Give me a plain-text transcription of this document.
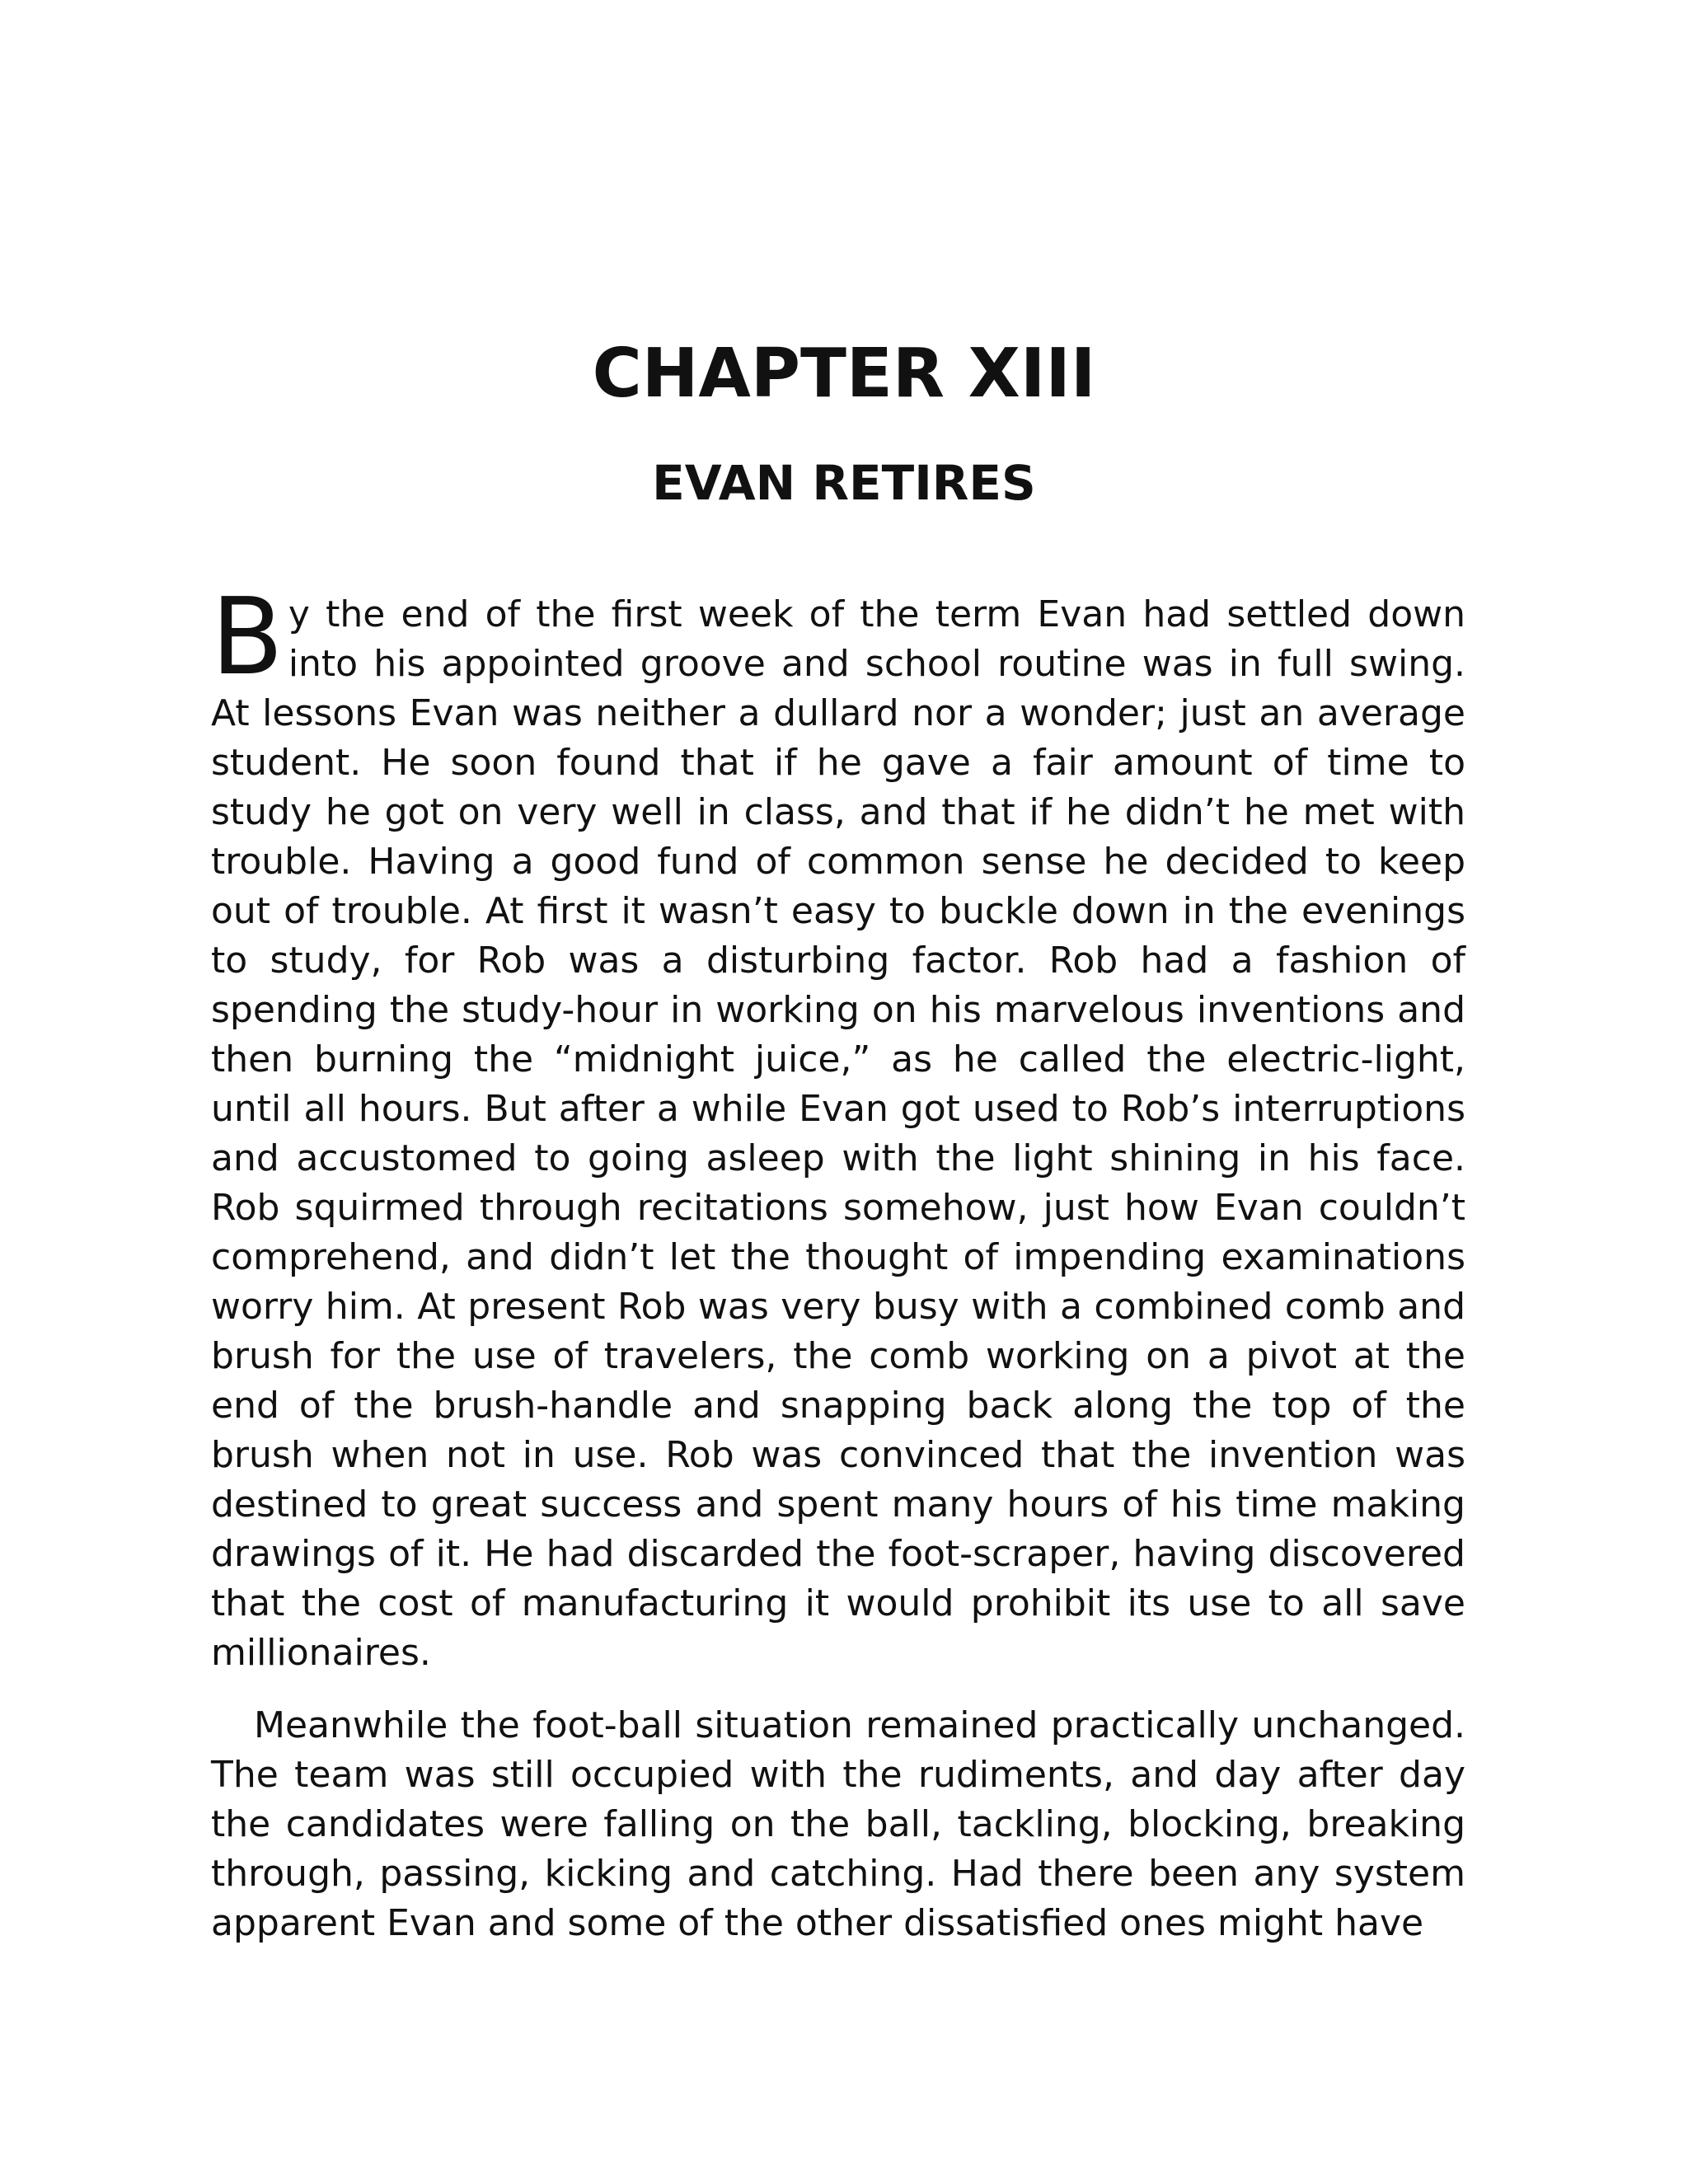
CHAPTER XIII
EVAN RETIRES

By the end of the first week of the term Evan had settled down into his appointed groove and school routine was in full swing. At lessons Evan was neither a dullard nor a wonder; just an average student. He soon found that if he gave a fair amount of time to study he got on very well in class, and that if he didn’t he met with trouble. Having a good fund of common sense he decided to keep out of trouble. At first it wasn’t easy to buckle down in the evenings to study, for Rob was a disturbing factor. Rob had a fashion of spending the study-hour in working on his marvelous inventions and then burning the “midnight juice,” as he called the electric-light, until all hours. But after a while Evan got used to Rob’s interruptions and accustomed to going asleep with the light shining in his face. Rob squirmed through recitations somehow, just how Evan couldn’t comprehend, and didn’t let the thought of impending examinations worry him. At present Rob was very busy with a combined comb and brush for the use of travelers, the comb working on a pivot at the end of the brush-handle and snapping back along the top of the brush when not in use. Rob was convinced that the invention was destined to great success and spent many hours of his time making drawings of it. He had discarded the foot-scraper, having discovered that the cost of manufacturing it would prohibit its use to all save millionaires.

Meanwhile the foot-ball situation remained practically unchanged. The team was still occupied with the rudiments, and day after day the candidates were falling on the ball, tackling, blocking, breaking through, passing, kicking and catching. Had there been any system apparent Evan and some of the other dissatisfied ones might have
